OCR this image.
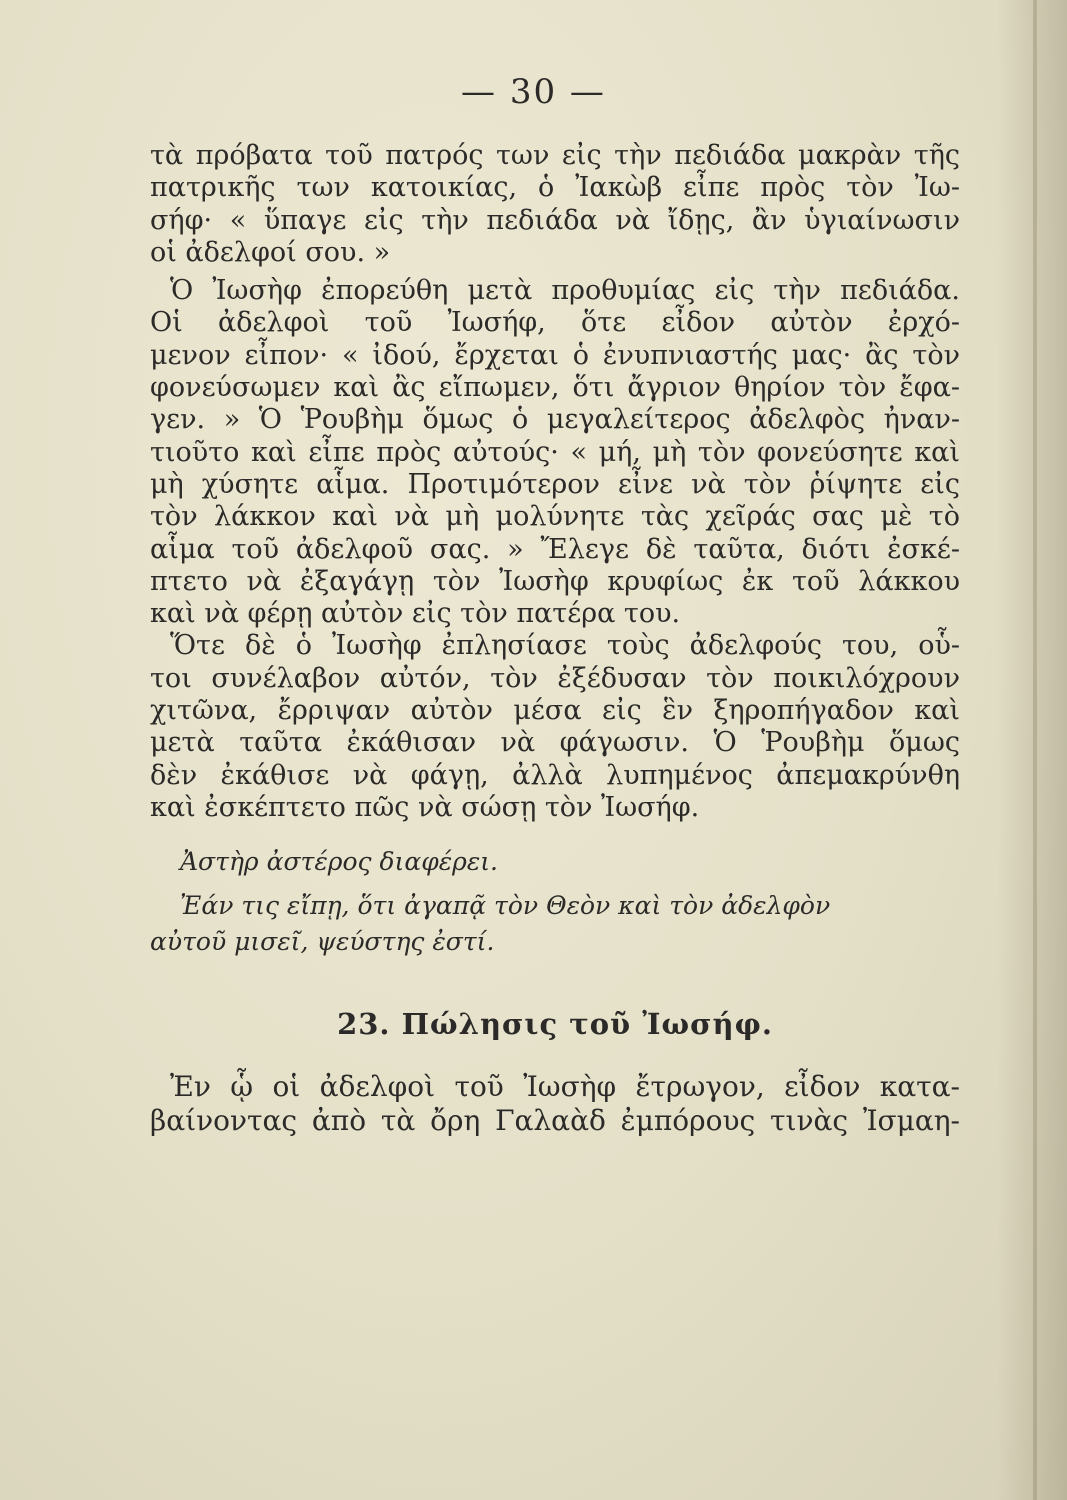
— 30 —
τὰ πρόβατα τοῦ πατρός των εἰς τὴν πεδιάδα μακρὰν τῆς
πατρικῆς των κατοικίας, ὁ Ἰακὼβ εἶπε πρὸς τὸν Ἰω-
σήφ· « ὕπαγε εἰς τὴν πεδιάδα νὰ ἴδῃς, ἂν ὑγιαίνωσιν
οἱ ἀδελφοί σου. »
Ὁ Ἰωσὴφ ἐπορεύθη μετὰ προθυμίας εἰς τὴν πεδιάδα.
Οἱ ἀδελφοὶ τοῦ Ἰωσήφ, ὅτε εἶδον αὐτὸν ἐρχό-
μενον εἶπον· « ἰδού, ἔρχεται ὁ ἐνυπνιαστής μας· ἂς τὸν
φονεύσωμεν καὶ ἂς εἴπωμεν, ὅτι ἄγριον θηρίον τὸν ἔφα-
γεν. » Ὁ Ῥουβὴμ ὅμως ὁ μεγαλείτερος ἀδελφὸς ἠναν-
τιοῦτο καὶ εἶπε πρὸς αὐτούς· « μή, μὴ τὸν φονεύσητε καὶ
μὴ χύσητε αἷμα. Προτιμότερον εἶνε νὰ τὸν ῥίψητε εἰς
τὸν λάκκον καὶ νὰ μὴ μολύνητε τὰς χεῖράς σας μὲ τὸ
αἷμα τοῦ ἀδελφοῦ σας. » Ἔλεγε δὲ ταῦτα, διότι ἐσκέ-
πτετο νὰ ἐξαγάγῃ τὸν Ἰωσὴφ κρυφίως ἐκ τοῦ λάκκου
καὶ νὰ φέρῃ αὐτὸν εἰς τὸν πατέρα του.
Ὅτε δὲ ὁ Ἰωσὴφ ἐπλησίασε τοὺς ἀδελφούς του, οὗ-
τοι συνέλαβον αὐτόν, τὸν ἐξέδυσαν τὸν ποικιλόχρουν
χιτῶνα, ἔρριψαν αὐτὸν μέσα εἰς ἓν ξηροπήγαδον καὶ
μετὰ ταῦτα ἐκάθισαν νὰ φάγωσιν. Ὁ Ῥουβὴμ ὅμως
δὲν ἐκάθισε νὰ φάγῃ, ἀλλὰ λυπημένος ἀπεμακρύνθη
καὶ ἐσκέπτετο πῶς νὰ σώσῃ τὸν Ἰωσήφ.
Ἀστὴρ ἀστέρος διαφέρει.
Ἐάν τις εἴπῃ, ὅτι ἀγαπᾷ τὸν Θεὸν καὶ τὸν ἀδελφὸν
αὐτοῦ μισεῖ, ψεύστης ἐστί.
23. Πώλησις τοῦ Ἰωσήφ.
Ἐν ᾧ οἱ ἀδελφοὶ τοῦ Ἰωσὴφ ἔτρωγον, εἶδον κατα-
βαίνοντας ἀπὸ τὰ ὄρη Γαλαὰδ ἐμπόρους τινὰς Ἰσμαη-
